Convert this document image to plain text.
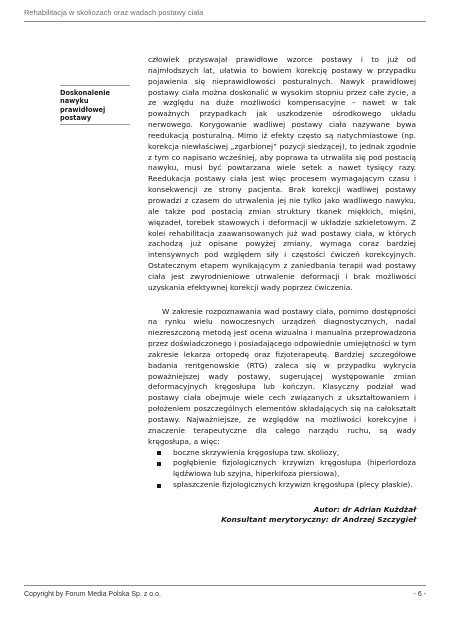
Rehabilitacja w skoliozach oraz wadach postawy ciała
Doskonalenie nawyku prawidłowej postawy

człowiek przyswajał prawidłowe wzorce postawy i to już od najmłodszych lat, ułatwia to bowiem korekcję postawy w przypadku pojawienia się nieprawidłowości posturalnych. Nawyk prawidłowej postawy ciała można doskonalić w wysokim stopniu przez całe życie, a ze względu na duże możliwości kompensacyjne – nawet w tak poważnych przypadkach jak uszkodzenie ośrodkowego układu nerwowego. Korygowanie wadliwej postawy ciała nazywane bywa reedukacją posturalną. Mimo iż efekty często są natychmiastowe (np. korekcja niewłaściwej „zgarbionej” pozycji siedzącej), to jednak zgodnie z tym co napisano wcześniej, aby poprawa ta utrwaliła się pod postacią nawyku, musi być powtarzana wiele setek a nawet tysięcy razy. Reedukacja postawy ciała jest więc procesem wymagającym czasu i konsekwencji ze strony pacjenta. Brak korekcji wadliwej postawy prowadzi z czasem do utrwalenia jej nie tylko jako wadliwego nawyku, ale także pod postacią zmian struktury tkanek miękkich, mięśni, więzadeł, torebek stawowych i deformacji w układzie szkieletowym. Z kolei rehabilitacja zaawansowanych już wad postawy ciała, w których zachodzą już opisane powyżej zmiany, wymaga coraz bardziej intensywnych pod względem siły i częstości ćwiczeń korekcyjnych. Ostatecznym etapem wynikającym z zaniedbania terapii wad postawy ciała jest zwyrodnieniowe utrwalenie deformacji i brak możliwości uzyskania efektywnej korekcji wady poprzez ćwiczenia.

W zakresie rozpoznawania wad postawy ciała, pomimo dostępności na rynku wielu nowoczesnych urządzeń diagnostycznych, nadal niezreszczoną metodą jest ocena wizualna i manualna przeprowadzona przez doświadczonego i posiadającego odpowiednie umiejętności w tym zakresie lekarza ortopedę oraz fizjoterapeutę. Bardziej szczegółowe badania rentgenowskie (RTG) zaleca się w przypadku wykrycia poważniejszej wady postawy, sugerującej występowanie zmian deformacyjnych kręgosłupa lub kończyn. Klasyczny podział wad postawy ciała obejmuje wiele cech związanych z ukształtowaniem i położeniem poszczególnych elementów składających się na całokształt postawy. Najważniejsze, ze względów na możliwości korekcyjne i znaczenie terapeutyczne dla całego narządu ruchu, są wady kręgosłupa, a więc:

boczne skrzywienia kręgosłupa tzw. skoliozy,
pogłębienie fizjologicznych krzywizn kręgosłupa (hiperlordoza lędźwiowa lub szyjna, hiperkifoza piersiowa),
spłaszczenie fizjologicznych krzywizn kręgosłupa (plecy płaskie).
Autor: dr Adrian Kużdżał
Konsultant merytoryczny: dr Andrzej Szczygieł
Copyright by Forum Media Polska Sp. z o.o.	- 6 -
